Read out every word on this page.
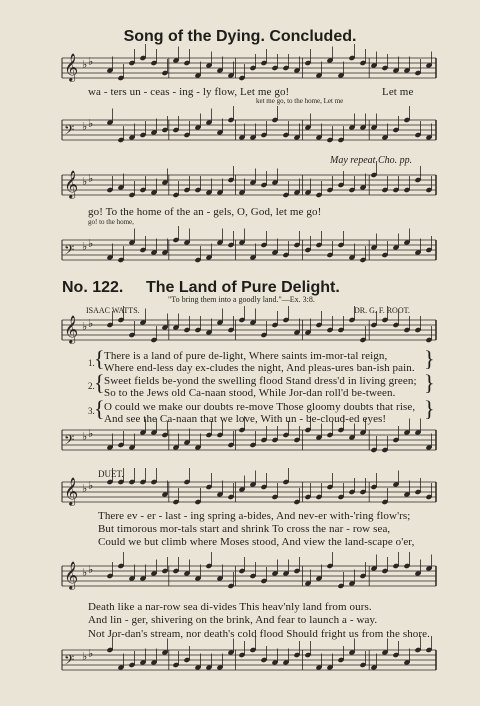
𝄞 ♭ ♭
𝄢 ♭ ♭
𝄞 ♭ ♭
𝄢 ♭ ♭
𝄞 ♭ ♭
𝄢 ♭ ♭
𝄞 ♭ ♭
𝄞 ♭ ♭
𝄢 ♭ ♭
Song of the Dying. Concluded.
wa - ters un - ceas - ing - ly flow, Let me go!	Let me
ket me go, to the home, Let me
May repeat Cho. pp.
go! To the home of the an - gels, O, God, let me go!
go! to the home,
No. 122. The Land of Pure Delight.
ISAAC WATTS.
"To bring them into a goodly land."—Ex. 3:8.
DR. G. F. ROOT.
1.
2.
3.
{
{
{
}
}
}
There is a land of pure de-light, Where saints im-mor-tal reign,
Where end-less day ex-cludes the night, And pleas-ures ban-ish pain.
Sweet fields be-yond the swelling flood Stand dress'd in living green;
So to the Jews old Ca-naan stood, While Jor-dan roll'd be-tween.
O could we make our doubts re-move Those gloomy doubts that rise,
And see the Ca-naan that we love, With un - be-cloud-ed eyes!
DUET.
There ev - er - last - ing spring a-bides, And nev-er with-'ring flow'rs;
But timorous mor-tals start and shrink To cross the nar - row sea,
Could we but climb where Moses stood, And view the land-scape o'er,
Death like a nar-row sea di-vides This heav'nly land from ours.
And lin - ger, shivering on the brink, And fear to launch a - way.
Not Jor-dan's stream, nor death's cold flood Should fright us from the shore.
